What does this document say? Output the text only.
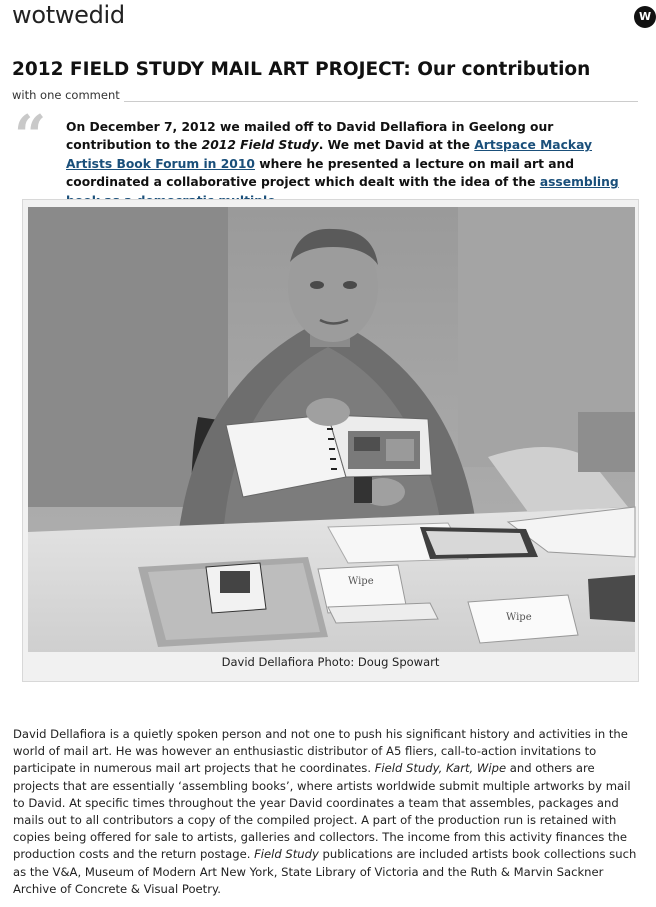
wotwedid	W
2012 FIELD STUDY MAIL ART PROJECT: Our contribution
with one comment
“ On December 7, 2012 we mailed off to David Dellafiora in Geelong our contribution to the 2012 Field Study. We met David at the Artspace Mackay Artists Book Forum in 2010 where he presented a lecture on mail art and coordinated a collaborative project which dealt with the idea of the assembling

Wipe
Wipe
David Dellafiora Photo: Doug Spowart

David Dellafiora is a quietly spoken person and not one to push his significant history and activities in the world of mail art. He was however an enthusiastic distributor of A5 fliers, call-to-action invitations to participate in numerous mail art projects that he coordinates. Field Study, Kart, Wipe and others are projects that are essentially ‘assembling books’, where artists worldwide submit multiple artworks by mail to David. At specific times throughout the year David coordinates a team that assembles, packages and mails out to all contributors a copy of the compiled project. A part of the production run is retained with copies being offered for sale to artists, galleries and collectors. The income from this activity finances the production costs and the return postage. Field Study publications are included artists book collections such as the V&A, Museum of Modern Art New York, State Library of Victoria and the Ruth & Marvin Sackner Archive of Concrete & Visual Poetry.
